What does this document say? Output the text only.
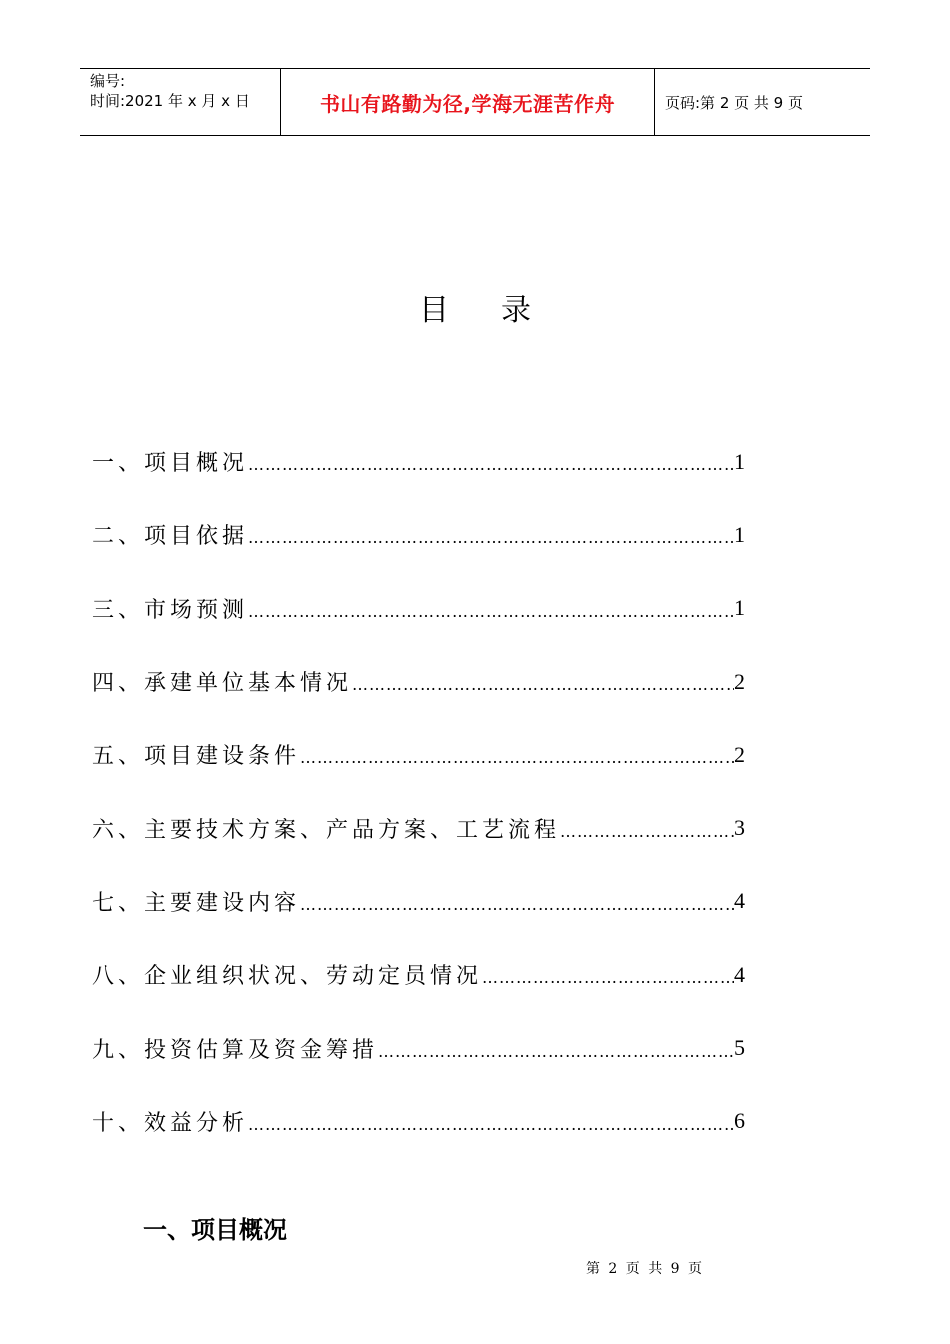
编号:
时间:2021 年 x 月 x 日	书山有路勤为径,学海无涯苦作舟	页码:第 2 页 共 9 页
目录
一、项目概况 ……………………………………………………………………………………………………………………………………	1
二、项目依据 ……………………………………………………………………………………………………………………………………	1
三、市场预测 ……………………………………………………………………………………………………………………………………	1
四、承建单位基本情况 ……………………………………………………………………………………………………………………………………	2
五、项目建设条件 ……………………………………………………………………………………………………………………………………	2
六、主要技术方案、产品方案、工艺流程 ……………………………………………………………………………………………………………………………………	3
七、主要建设内容 ……………………………………………………………………………………………………………………………………	4
八、企业组织状况、劳动定员情况 ……………………………………………………………………………………………………………………………………	4
九、投资估算及资金筹措 ……………………………………………………………………………………………………………………………………	5
十、效益分析 ……………………………………………………………………………………………………………………………………	6
一、项目概况
第 2 页 共 9 页
